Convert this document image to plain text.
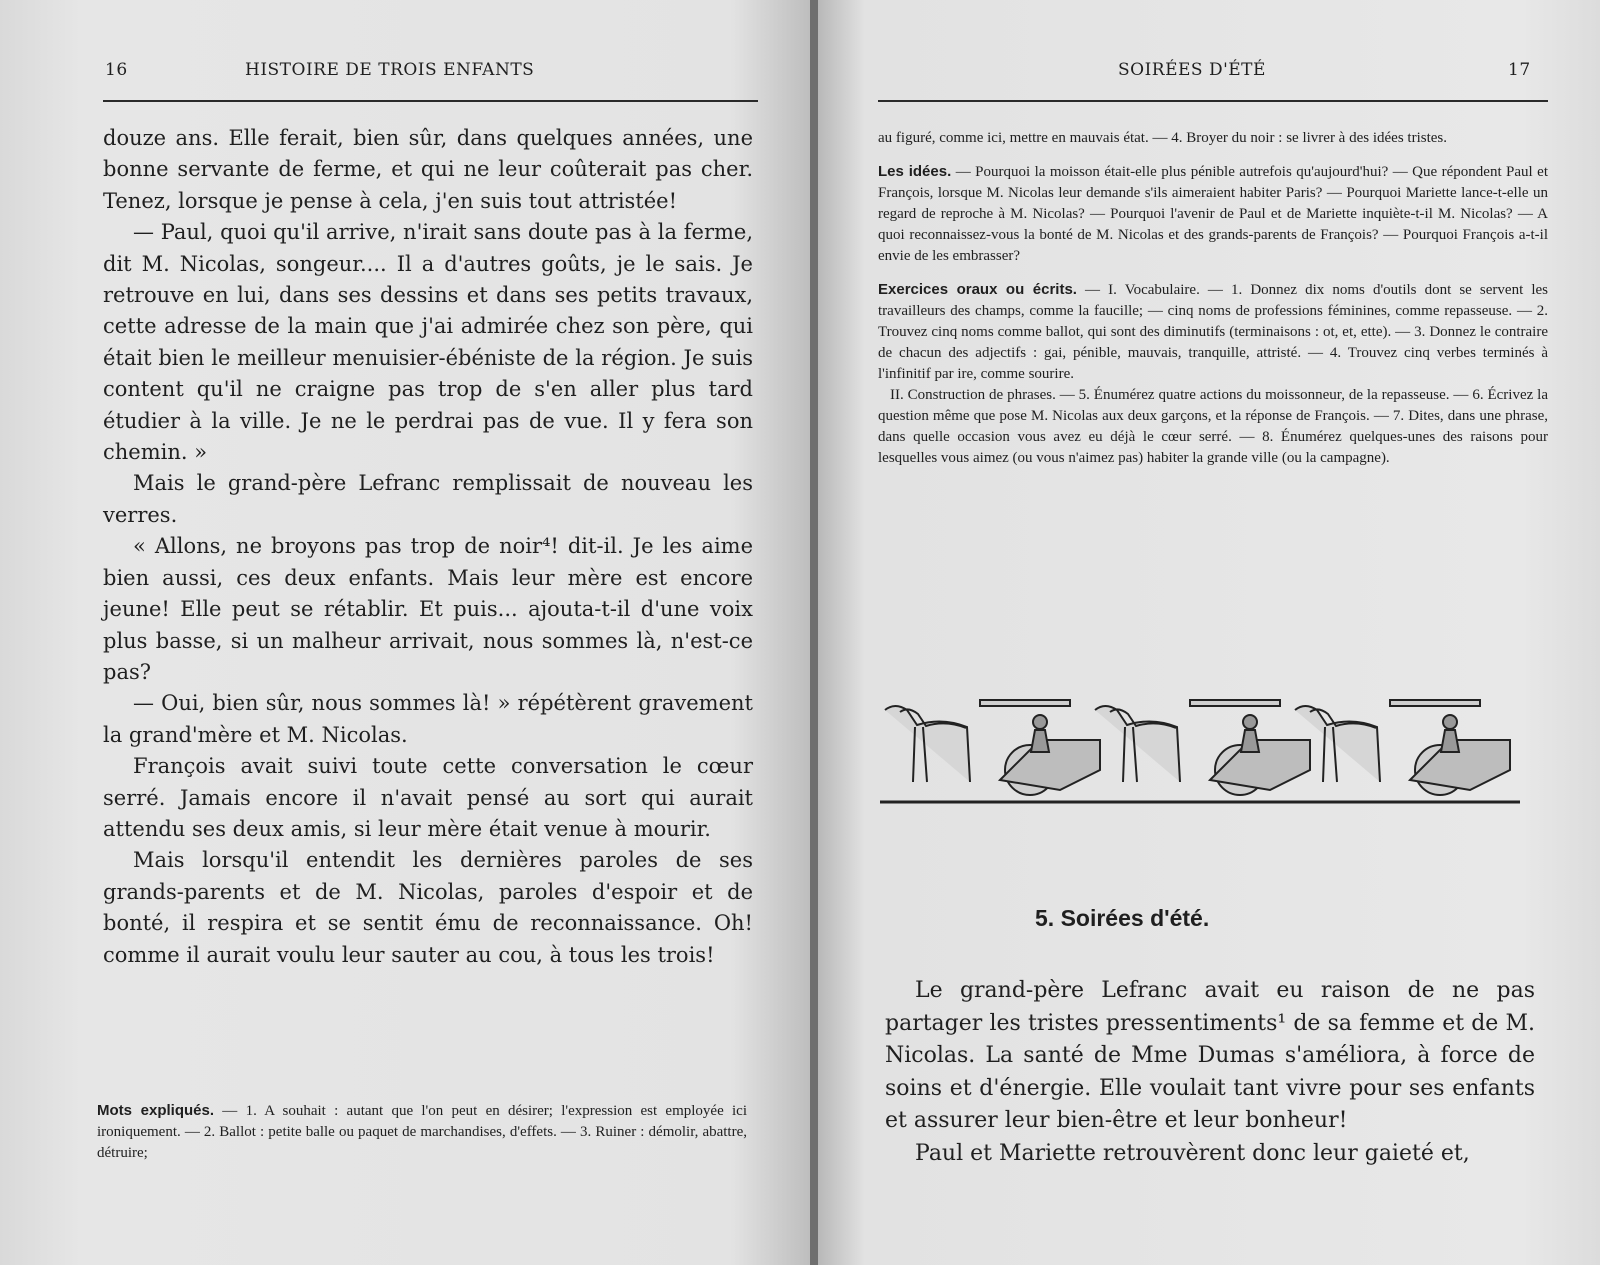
16	HISTOIRE DE TROIS ENFANTS

douze ans. Elle ferait, bien sûr, dans quelques années, une bonne servante de ferme, et qui ne leur coûterait pas cher. Tenez, lorsque je pense à cela, j'en suis tout attristée!

— Paul, quoi qu'il arrive, n'irait sans doute pas à la ferme, dit M. Nicolas, songeur.... Il a d'autres goûts, je le sais. Je retrouve en lui, dans ses dessins et dans ses petits travaux, cette adresse de la main que j'ai admirée chez son père, qui était bien le meilleur menuisier-ébéniste de la région. Je suis content qu'il ne craigne pas trop de s'en aller plus tard étudier à la ville. Je ne le perdrai pas de vue. Il y fera son chemin. »

Mais le grand-père Lefranc remplissait de nouveau les verres.

« Allons, ne broyons pas trop de noir⁴! dit-il. Je les aime bien aussi, ces deux enfants. Mais leur mère est encore jeune! Elle peut se rétablir. Et puis... ajouta-t-il d'une voix plus basse, si un malheur arrivait, nous sommes là, n'est-ce pas?

— Oui, bien sûr, nous sommes là! » répétèrent gravement la grand'mère et M. Nicolas.

François avait suivi toute cette conversation le cœur serré. Jamais encore il n'avait pensé au sort qui aurait attendu ses deux amis, si leur mère était venue à mourir.

Mais lorsqu'il entendit les dernières paroles de ses grands-parents et de M. Nicolas, paroles d'espoir et de bonté, il respira et se sentit ému de reconnaissance. Oh! comme il aurait voulu leur sauter au cou, à tous les trois!

Mots expliqués. — 1. A souhait : autant que l'on peut en désirer; l'expression est employée ici ironiquement. — 2. Ballot : petite balle ou paquet de marchandises, d'effets. — 3. Ruiner : démolir, abattre, détruire;
SOIRÉES D'ÉTÉ	17
au figuré, comme ici, mettre en mauvais état. — 4. Broyer du noir : se livrer à des idées tristes.
Les idées. — Pourquoi la moisson était-elle plus pénible autrefois qu'aujourd'hui? — Que répondent Paul et François, lorsque M. Nicolas leur demande s'ils aimeraient habiter Paris? — Pourquoi Mariette lance-t-elle un regard de reproche à M. Nicolas? — Pourquoi l'avenir de Paul et de Mariette inquiète-t-il M. Nicolas? — A quoi reconnaissez-vous la bonté de M. Nicolas et des grands-parents de François? — Pourquoi François a-t-il envie de les embrasser?
Exercices oraux ou écrits. — I. Vocabulaire. — 1. Donnez dix noms d'outils dont se servent les travailleurs des champs, comme la faucille; — cinq noms de professions féminines, comme repasseuse. — 2. Trouvez cinq noms comme ballot, qui sont des diminutifs (terminaisons : ot, et, ette). — 3. Donnez le contraire de chacun des adjectifs : gai, pénible, mauvais, tranquille, attristé. — 4. Trouvez cinq verbes terminés à l'infinitif par ire, comme sourire.
II. Construction de phrases. — 5. Énumérez quatre actions du moissonneur, de la repasseuse. — 6. Écrivez la question même que pose M. Nicolas aux deux garçons, et la réponse de François. — 7. Dites, dans une phrase, dans quelle occasion vous avez eu déjà le cœur serré. — 8. Énumérez quelques-unes des raisons pour lesquelles vous aimez (ou vous n'aimez pas) habiter la grande ville (ou la campagne).
5. Soirées d'été.

Le grand-père Lefranc avait eu raison de ne pas partager les tristes pressentiments¹ de sa femme et de M. Nicolas. La santé de Mme Dumas s'améliora, à force de soins et d'énergie. Elle voulait tant vivre pour ses enfants et assurer leur bien-être et leur bonheur!

Paul et Mariette retrouvèrent donc leur gaieté et,
